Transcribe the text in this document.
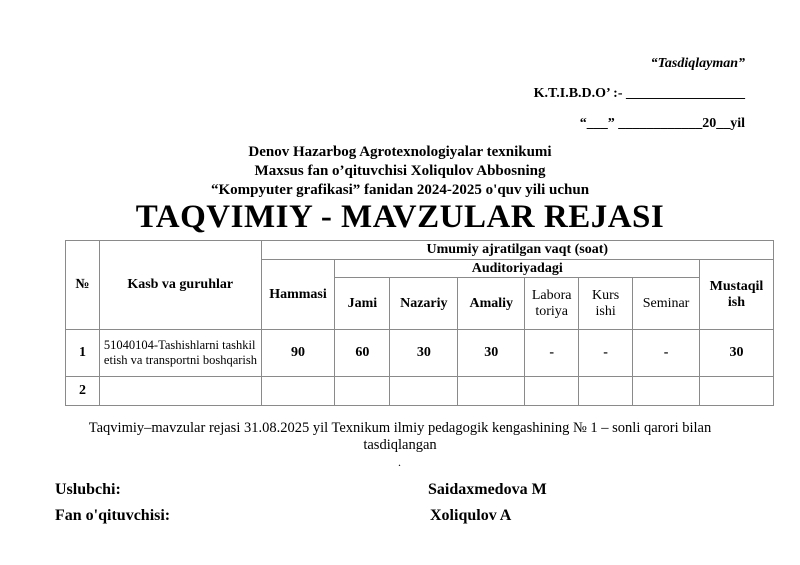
“Tasdiqlayman”
K.T.I.B.D.O’ :- _________________
“___” ____________20__yil
Denov Hazarbog Agrotexnologiyalar texnikumi
Maxsus fan o’qituvchisi Xoliqulov Abbosning
“Kompyuter grafikasi” fanidan 2024-2025 o'quv yili uchun
TAQVIMIY - MAVZULAR REJASI
№	Kasb va guruhlar	Umumiy ajratilgan vaqt (soat)							
		Hammasi	Auditoriyadagi						Mustaqil ish
			Jami	Nazariy	Amaliy	Labora toriya	Kurs ishi	Seminar	
1	51040104-Tashishlarni tashkil etish va transportni boshqarish	90	60	30	30	-	-	-	30
2									
Taqvimiy–mavzular rejasi 31.08.2025 yil Texnikum ilmiy pedagogik kengashining № 1 – sonli qarori bilan tasdiqlangan
.
Uslubchi:	Saidaxmedova M
Fan o'qituvchisi:	Xoliqulov A
